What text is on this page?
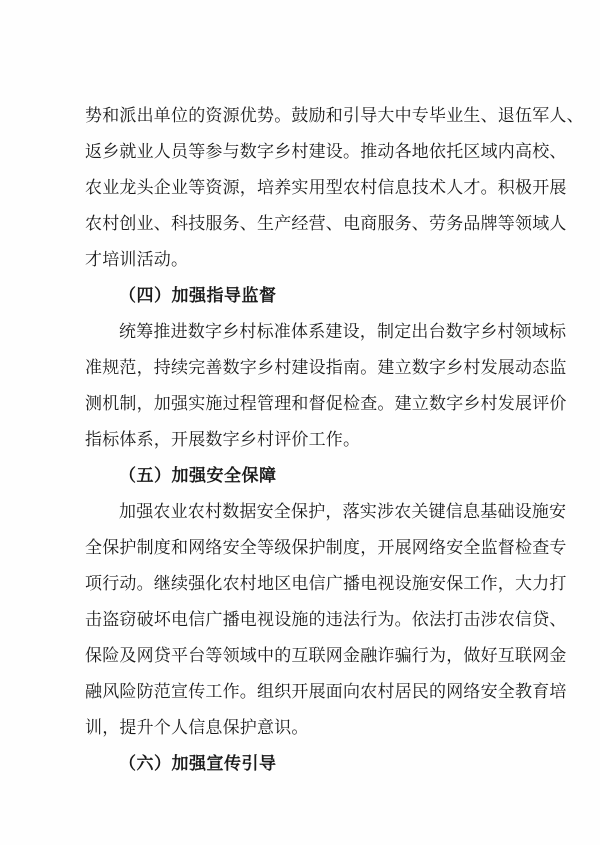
势和派出单位的资源优势。鼓励和引导大中专毕业生、退伍军人、
返乡就业人员等参与数字乡村建设。推动各地依托区域内高校、
农业龙头企业等资源，培养实用型农村信息技术人才。积极开展
农村创业、科技服务、生产经营、电商服务、劳务品牌等领域人
才培训活动。
（四）加强指导监督
统筹推进数字乡村标准体系建设，制定出台数字乡村领域标
准规范，持续完善数字乡村建设指南。建立数字乡村发展动态监
测机制，加强实施过程管理和督促检查。建立数字乡村发展评价
指标体系，开展数字乡村评价工作。
（五）加强安全保障
加强农业农村数据安全保护，落实涉农关键信息基础设施安
全保护制度和网络安全等级保护制度，开展网络安全监督检查专
项行动。继续强化农村地区电信广播电视设施安保工作，大力打
击盗窃破坏电信广播电视设施的违法行为。依法打击涉农信贷、
保险及网贷平台等领域中的互联网金融诈骗行为，做好互联网金
融风险防范宣传工作。组织开展面向农村居民的网络安全教育培
训，提升个人信息保护意识。
（六）加强宣传引导
